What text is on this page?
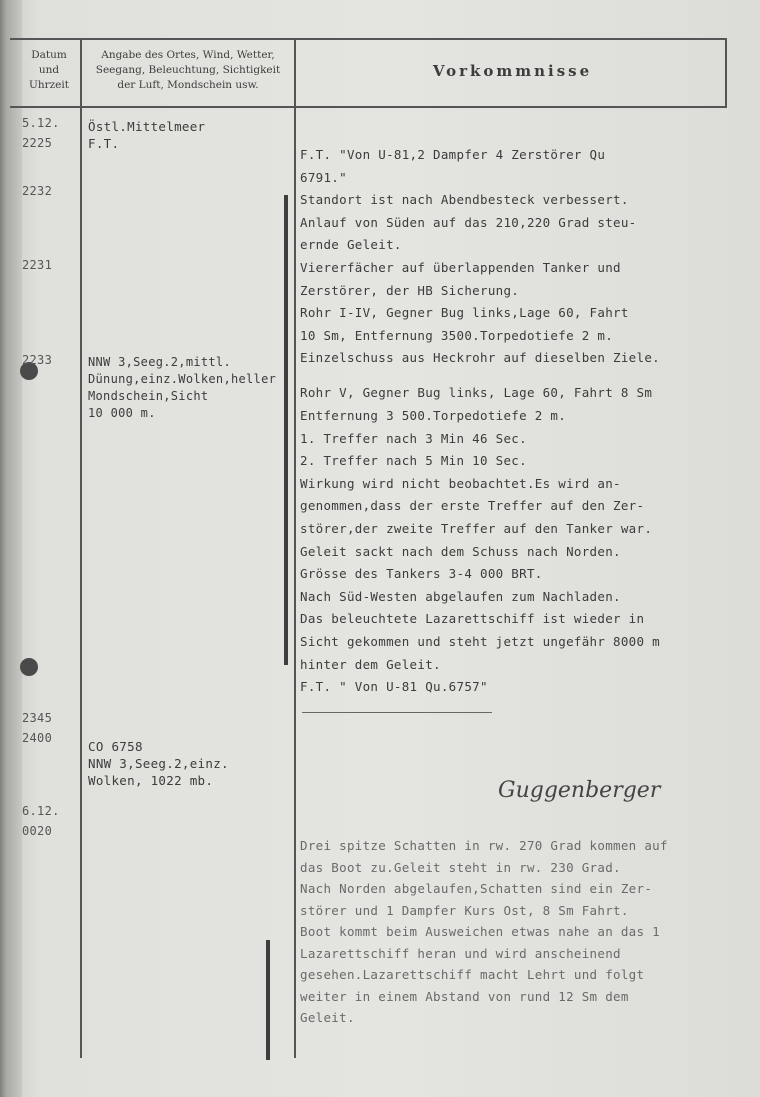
Datum
und
Uhrzeit
Angabe des Ortes, Wind, Wetter,
Seegang, Beleuchtung, Sichtigkeit
der Luft, Mondschein usw.
Vorkommnisse
5.12.
2225
2232
2231
2233
2345
2400
6.12.
0020
Östl.Mittelmeer
F.T.
NNW 3,Seeg.2,mittl.
Dünung,einz.Wolken,heller
Mondschein,Sicht
10 000 m.
CO 6758
NNW 3,Seeg.2,einz.
Wolken, 1022 mb.
F.T. "Von U-81,2 Dampfer 4 Zerstörer Qu
6791."
Standort ist nach Abendbesteck verbessert.
Anlauf von Süden auf das 210,220 Grad steu-
ernde Geleit.
Viererfächer auf überlappenden Tanker und
Zerstörer, der HB Sicherung.
Rohr I-IV, Gegner Bug links,Lage 60, Fahrt
10 Sm, Entfernung 3500.Torpedotiefe 2 m.
Einzelschuss aus Heckrohr auf dieselben Ziele.
Rohr V, Gegner Bug links, Lage 60, Fahrt 8 Sm
Entfernung 3 500.Torpedotiefe 2 m.
1. Treffer nach 3 Min 46 Sec.
2. Treffer nach 5 Min 10 Sec.
Wirkung wird nicht beobachtet.Es wird an-
genommen,dass der erste Treffer auf den Zer-
störer,der zweite Treffer auf den Tanker war.
Geleit sackt nach dem Schuss nach Norden.
Grösse des Tankers 3-4 000 BRT.
Nach Süd-Westen abgelaufen zum Nachladen.
Das beleuchtete Lazarettschiff ist wieder in
Sicht gekommen und steht jetzt ungefähr 8000 m
hinter dem Geleit.
F.T. " Von U-81 Qu.6757"
Guggenberger
Drei spitze Schatten in rw. 270 Grad kommen auf
das Boot zu.Geleit steht in rw. 230 Grad.
Nach Norden abgelaufen,Schatten sind ein Zer-
störer und 1 Dampfer Kurs Ost, 8 Sm Fahrt.
Boot kommt beim Ausweichen etwas nahe an das 1
Lazarettschiff heran und wird anscheinend
gesehen.Lazarettschiff macht Lehrt und folgt
weiter in einem Abstand von rund 12 Sm dem
Geleit.
